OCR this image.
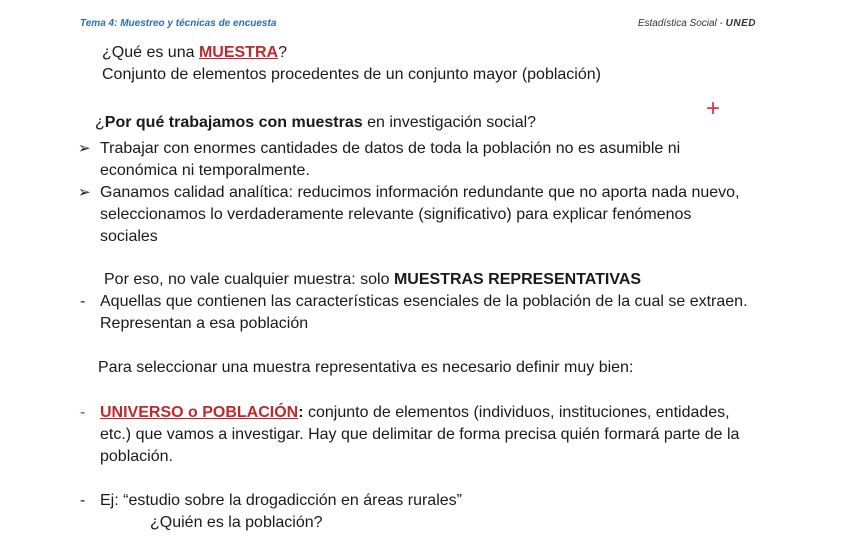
Tema 4: Muestreo y técnicas de encuesta	Estadística Social - UNED
¿Qué es una MUESTRA?
Conjunto de elementos procedentes de un conjunto mayor (población)
¿Por qué trabajamos con muestras en investigación social?
+
➢ Trabajar con enormes cantidades de datos de toda la población no es asumible ni
económica ni temporalmente.
➢ Ganamos calidad analítica: reducimos información redundante que no aporta nada nuevo,
seleccionamos lo verdaderamente relevante (significativo) para explicar fenómenos
sociales
Por eso, no vale cualquier muestra: solo MUESTRAS REPRESENTATIVAS
- Aquellas que contienen las características esenciales de la población de la cual se extraen.
Representan a esa población
Para seleccionar una muestra representativa es necesario definir muy bien:
- UNIVERSO o POBLACIÓN: conjunto de elementos (individuos, instituciones, entidades,
etc.) que vamos a investigar. Hay que delimitar de forma precisa quién formará parte de la
población.
- Ej: “estudio sobre la drogadicción en áreas rurales”
¿Quién es la población?
